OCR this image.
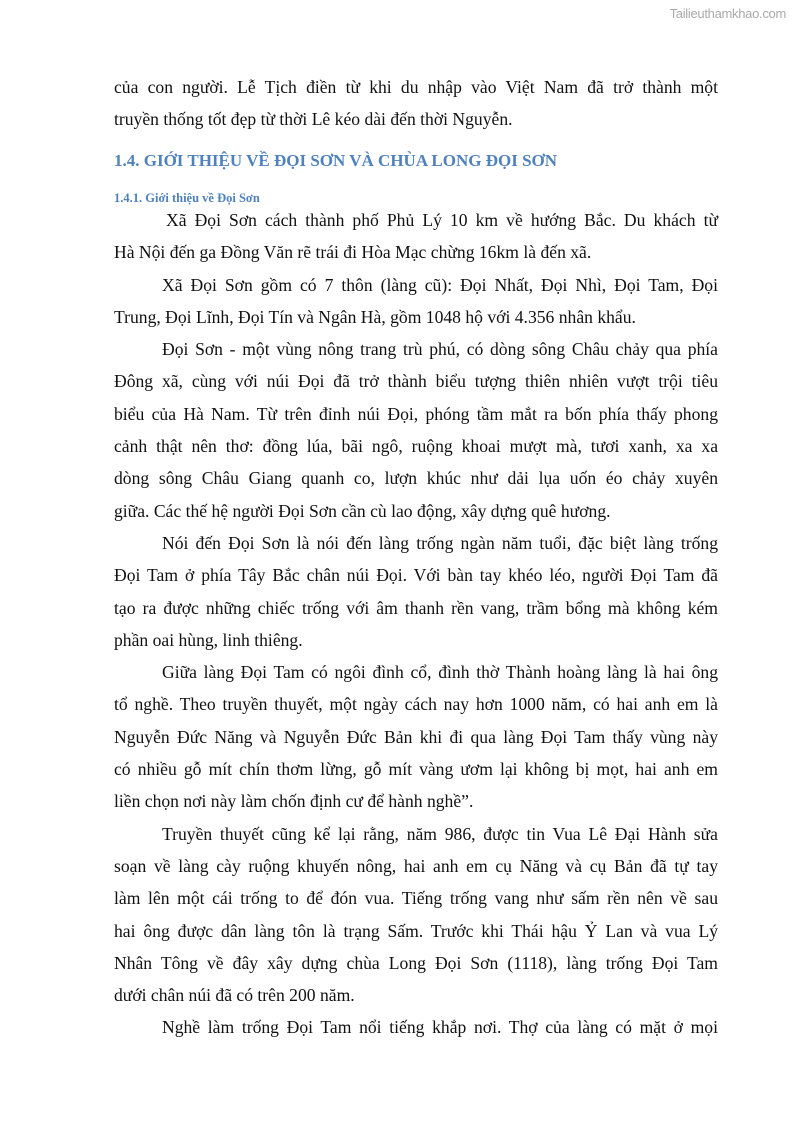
Tailieuthamkhao.com
của con người. Lễ Tịch điền từ khi du nhập vào Việt Nam đã trở thành một
truyền thống tốt đẹp từ thời Lê kéo dài đến thời Nguyễn.
1.4. GIỚI THIỆU VỀ ĐỌI SƠN VÀ CHÙA LONG ĐỌI SƠN
1.4.1. Giới thiệu về Đọi Sơn
Xã Đọi Sơn cách thành phố Phủ Lý 10 km về hướng Bắc. Du khách từ
Hà Nội đến ga Đồng Văn rẽ trái đi Hòa Mạc chừng 16km là đến xã.
Xã Đọi Sơn gồm có 7 thôn (làng cũ): Đọi Nhất, Đọi Nhì, Đọi Tam, Đọi
Trung, Đọi Lĩnh, Đọi Tín và Ngân Hà, gồm 1048 hộ với 4.356 nhân khẩu.
Đọi Sơn - một vùng nông trang trù phú, có dòng sông Châu chảy qua phía
Đông xã, cùng với núi Đọi đã trở thành biểu tượng thiên nhiên vượt trội tiêu
biểu của Hà Nam. Từ trên đỉnh núi Đọi, phóng tầm mắt ra bốn phía thấy phong
cảnh thật nên thơ: đồng lúa, bãi ngô, ruộng khoai mượt mà, tươi xanh, xa xa
dòng sông Châu Giang quanh co, lượn khúc như dải lụa uốn éo chảy xuyên
giữa. Các thế hệ người Đọi Sơn cần cù lao động, xây dựng quê hương.
Nói đến Đọi Sơn là nói đến làng trống ngàn năm tuổi, đặc biệt làng trống
Đọi Tam ở phía Tây Bắc chân núi Đọi. Với bàn tay khéo léo, người Đọi Tam đã
tạo ra được những chiếc trống với âm thanh rền vang, trầm bổng mà không kém
phần oai hùng, linh thiêng.
Giữa làng Đọi Tam có ngôi đình cổ, đình thờ Thành hoàng làng là hai ông
tổ nghề. Theo truyền thuyết, một ngày cách nay hơn 1000 năm, có hai anh em là
Nguyễn Đức Năng và Nguyễn Đức Bản khi đi qua làng Đọi Tam thấy vùng này
có nhiều gỗ mít chín thơm lừng, gỗ mít vàng ươm lại không bị mọt, hai anh em
liền chọn nơi này làm chốn định cư để hành nghề”.
Truyền thuyết cũng kể lại rằng, năm 986, được tin Vua Lê Đại Hành sửa
soạn về làng cày ruộng khuyến nông, hai anh em cụ Năng và cụ Bản đã tự tay
làm lên một cái trống to để đón vua. Tiếng trống vang như sấm rền nên về sau
hai ông được dân làng tôn là trạng Sấm. Trước khi Thái hậu Ỷ Lan và vua Lý
Nhân Tông về đây xây dựng chùa Long Đọi Sơn (1118), làng trống Đọi Tam
dưới chân núi đã có trên 200 năm.
Nghề làm trống Đọi Tam nổi tiếng khắp nơi. Thợ của làng có mặt ở mọi
